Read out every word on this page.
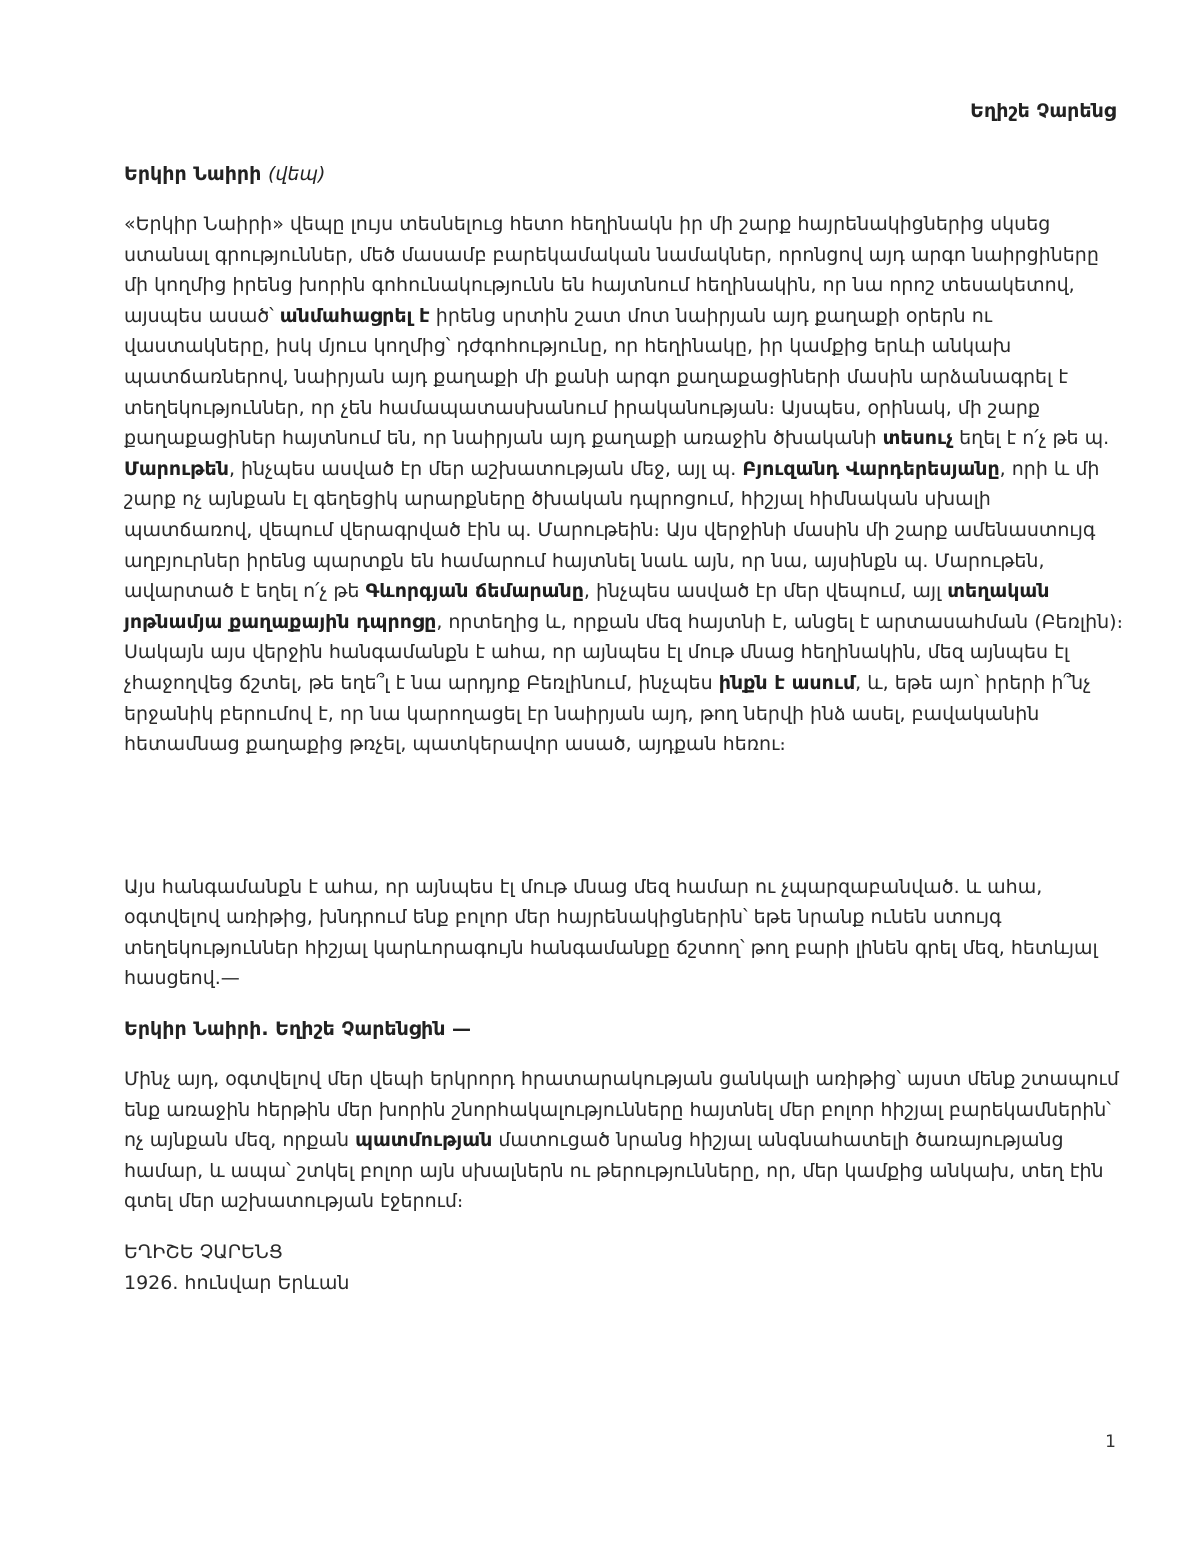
Եղիշե Չարենց

Երկիր Նաիրի (վեպ)

«Երկիր Նաիրի» վեպը լույս տեսնելուց հետո հեղինակն իր մի շարք հայրենակիցներից սկսեց ստանալ գրություններ, մեծ մասամբ բարեկամական նամակներ, որոնցով այդ արգո նաիրցիները մի կողմից իրենց խորին գոհունակությունն են հայտնում հեղինակին, որ նա որոշ տեսակետով, այսպես ասած՝ անմահացրել է իրենց սրտին շատ մոտ նաիրյան այդ քաղաքի օրերն ու վաստակները, իսկ մյուս կողմից՝ դժգոհությունը, որ հեղինակը, իր կամքից երևի անկախ պատճառներով, նաիրյան այդ քաղաքի մի քանի արգո քաղաքացիների մասին արձանագրել է տեղեկություններ, որ չեն համապատասխանում իրականության։ Այսպես, օրինակ, մի շարք քաղաքացիներ հայտնում են, որ նաիրյան այդ քաղաքի առաջին ծխականի տեսուչ եղել է ո՛չ թե պ. Մարութեն, ինչպես ասված էր մեր աշխատության մեջ, այլ պ. Բյուզանդ Վարդերեսյանը, որի և մի շարք ոչ այնքան էլ գեղեցիկ արարքները ծխական դպրոցում, հիշյալ հիմնական սխալի պատճառով, վեպում վերագրված էին պ. Մարութեին։ Այս վերջինի մասին մի շարք ամենաստույգ աղբյուրներ իրենց պարտքն են համարում հայտնել նաև այն, որ նա, այսինքն պ. Մարութեն, ավարտած է եղել ո՛չ թե Գևորգյան ճեմարանը, ինչպես ասված էր մեր վեպում, այլ տեղական յոթնամյա քաղաքային դպրոցը, որտեղից և, որքան մեզ հայտնի է, անցել է արտասահման (Բեռլին)։ Սակայն այս վերջին հանգամանքն է ահա, որ այնպես էլ մութ մնաց հեղինակին, մեզ այնպես էլ չհաջողվեց ճշտել, թե եղե՞լ է նա արդյոք Բեռլինում, ինչպես ինքն է ասում, և, եթե այո՝ իրերի ի՞նչ երջանիկ բերումով է, որ նա կարողացել էր նաիրյան այդ, թող ներվի ինձ ասել, բավականին հետամնաց քաղաքից թռչել, պատկերավոր ասած, այդքան հեռու։

Այս հանգամանքն է ահա, որ այնպես էլ մութ մնաց մեզ համար ու չպարզաբանված. և ահա, օգտվելով առիթից, խնդրում ենք բոլոր մեր հայրենակիցներին՝ եթե նրանք ունեն ստույգ տեղեկություններ հիշյալ կարևորագույն հանգամանքը ճշտող՝ թող բարի լինեն գրել մեզ, հետևյալ հասցեով.—

Երկիր Նաիրի. Եղիշե Չարենցին —

Մինչ այդ, օգտվելով մեր վեպի երկրորդ հրատարակության ցանկալի առիթից՝ այստ մենք շտապում ենք առաջին հերթին մեր խորին շնորհակալությունները հայտնել մեր բոլոր հիշյալ բարեկամներին՝ ոչ այնքան մեզ, որքան պատմության մատուցած նրանց հիշյալ անգնահատելի ծառայությանց համար, և ապա՝ շտկել բոլոր այն սխալներն ու թերությունները, որ, մեր կամքից անկախ, տեղ էին գտել մեր աշխատության էջերում։

ԵՂԻՇԵ ՉԱՐԵՆՑ

1926. հունվար Երևան

1
